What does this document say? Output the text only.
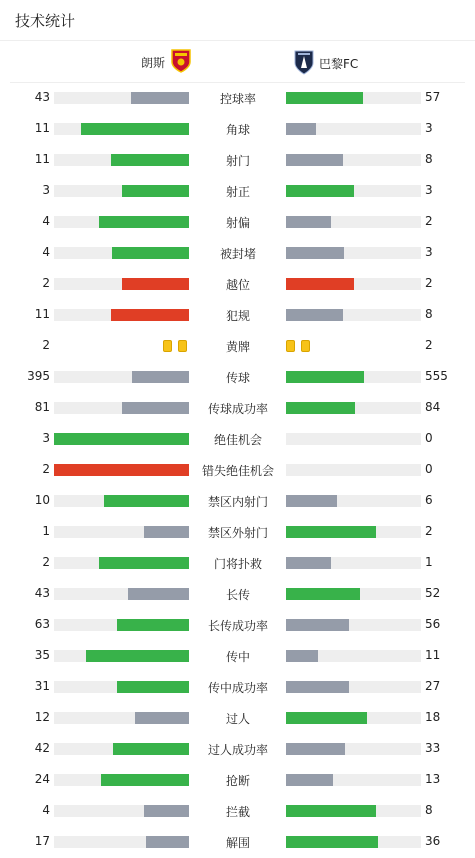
技术统计
朗斯	巴黎FC
43	控球率	57
11	角球	3
11	射门	8
3	射正	3
4	射偏	2
4	被封堵	3
2	越位	2
11	犯规	8
2	黄牌	2
395	传球	555
81	传球成功率	84
3	绝佳机会	0
2	错失绝佳机会	0
10	禁区内射门	6
1	禁区外射门	2
2	门将扑救	1
43	长传	52
63	长传成功率	56
35	传中	11
31	传中成功率	27
12	过人	18
42	过人成功率	33
24	抢断	13
4	拦截	8
17	解围	36
